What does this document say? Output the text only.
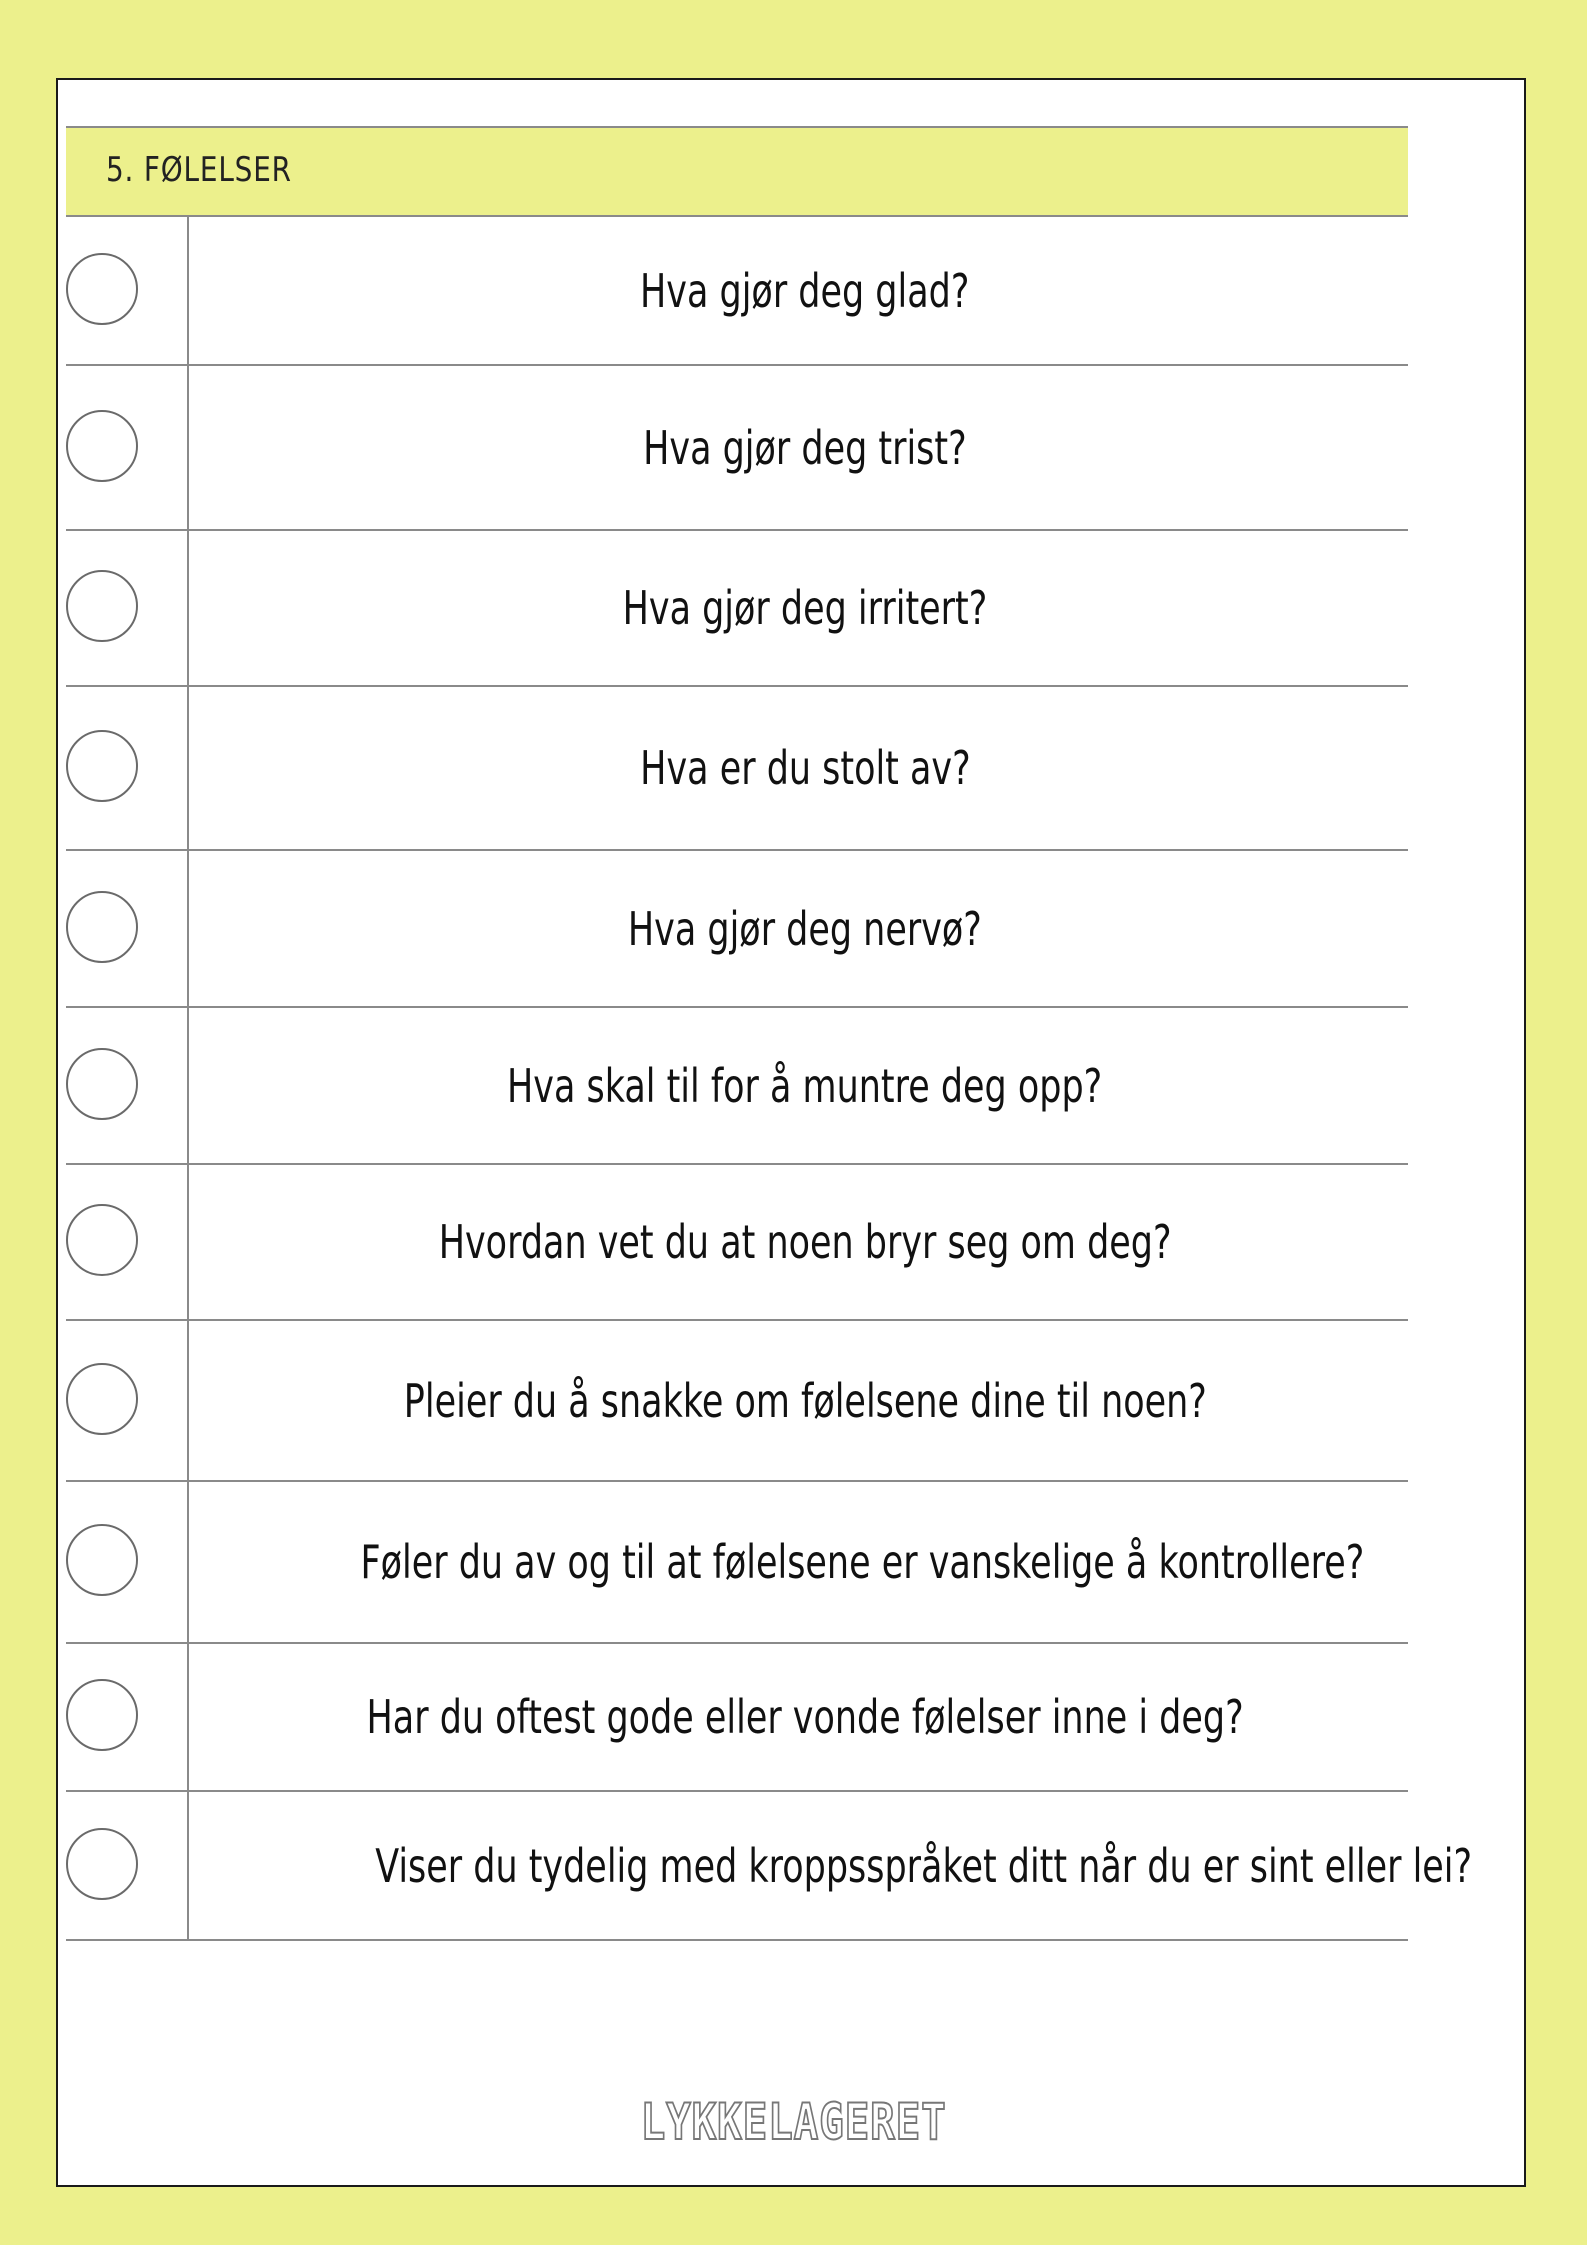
5. FØLELSER
Hva gjør deg glad?
Hva gjør deg trist?
Hva gjør deg irritert?
Hva er du stolt av?
Hva gjør deg nervø?
Hva skal til for å muntre deg opp?
Hvordan vet du at noen bryr seg om deg?
Pleier du å snakke om følelsene dine til noen?
Føler du av og til at følelsene er vanskelige å kontrollere?
Har du oftest gode eller vonde følelser inne i deg?
Viser du tydelig med kroppsspråket ditt når du er sint eller lei?
LYKKELAGERET
